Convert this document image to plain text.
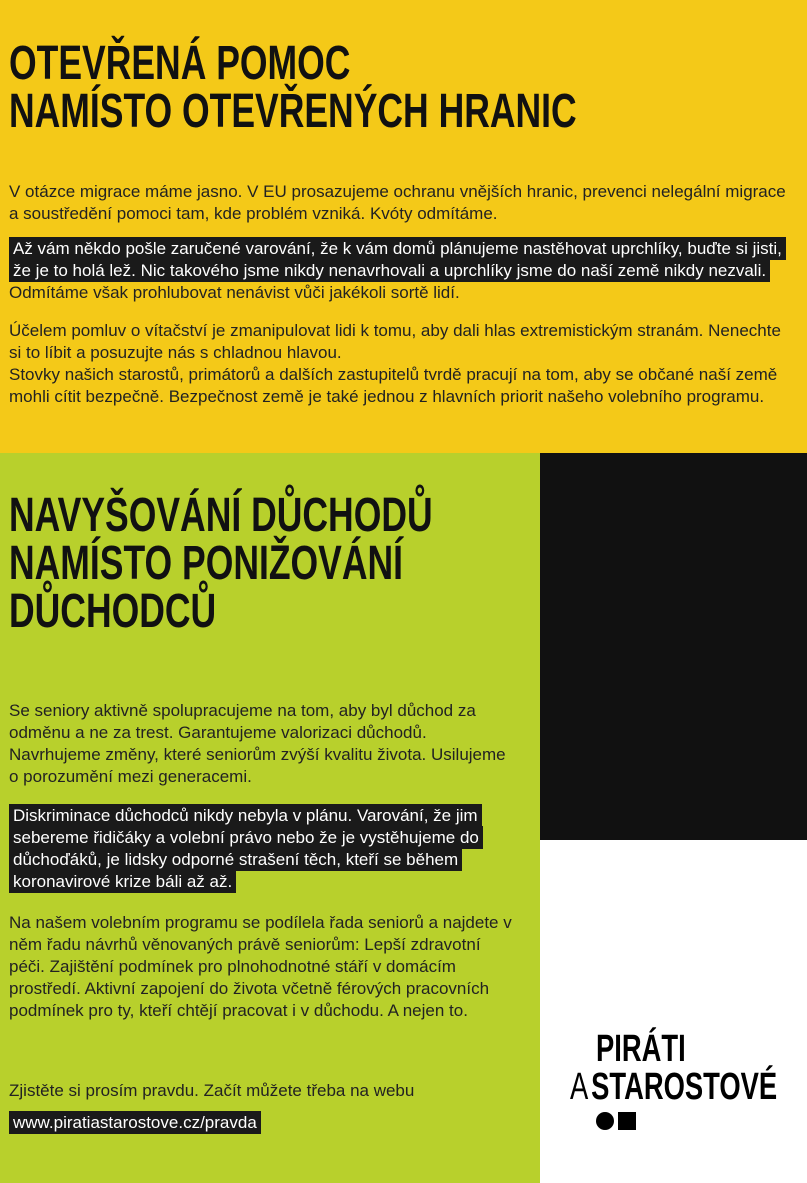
OTEVŘENÁ POMOC
NAMÍSTO OTEVŘENÝCH HRANIC

V otázce migrace máme jasno. V EU prosazujeme ochranu vnějších hranic, prevenci nelegální migrace a soustředění pomoci tam, kde problém vzniká. Kvóty odmítáme.

Až vám někdo pošle zaručené varování, že k vám domů plánujeme nastěhovat uprchlíky, buďte si jisti, že je to holá lež. Nic takového jsme nikdy nenavrhovali a uprchlíky jsme do naší země nikdy nezvali. Odmítáme však prohlubovat nenávist vůči jakékoli sortě lidí.

Účelem pomluv o vítačství je zmanipulovat lidi k tomu, aby dali hlas extremistickým stranám. Nenechte si to líbit a posuzujte nás s chladnou hlavou.

Stovky našich starostů, primátorů a dalších zastupitelů tvrdě pracují na tom, aby se občané naší země mohli cítit bezpečně. Bezpečnost země je také jednou z hlavních priorit našeho volebního programu.

NAVYŠOVÁNÍ DŮCHODŮ
NAMÍSTO PONIŽOVÁNÍ
DŮCHODCŮ

Se seniory aktivně spolupracujeme na tom, aby byl důchod za odměnu a ne za trest. Garantujeme valorizaci důchodů. Navrhujeme změny, které seniorům zvýší kvalitu života. Usilujeme o porozumění mezi generacemi.

Diskriminace důchodců nikdy nebyla v plánu. Varování, že jim sebereme řidičáky a volební právo nebo že je vystěhujeme do důchoďáků, je lidsky odporné strašení těch, kteří se během koronavirové krize báli až až.

Na našem volebním programu se podílela řada seniorů a najdete v něm řadu návrhů věnovaných právě seniorům: Lepší zdravotní péči. Zajištění podmínek pro plnohodnotné stáří v domácím prostředí. Aktivní zapojení do života včetně férových pracovních podmínek pro ty, kteří chtějí pracovat i v důchodu. A nejen to.

Zjistěte si prosím pravdu. Začít můžete třeba na webu

www.piratiastarostove.cz/pravda

PIRÁTI
ASTAROSTOVÉ
